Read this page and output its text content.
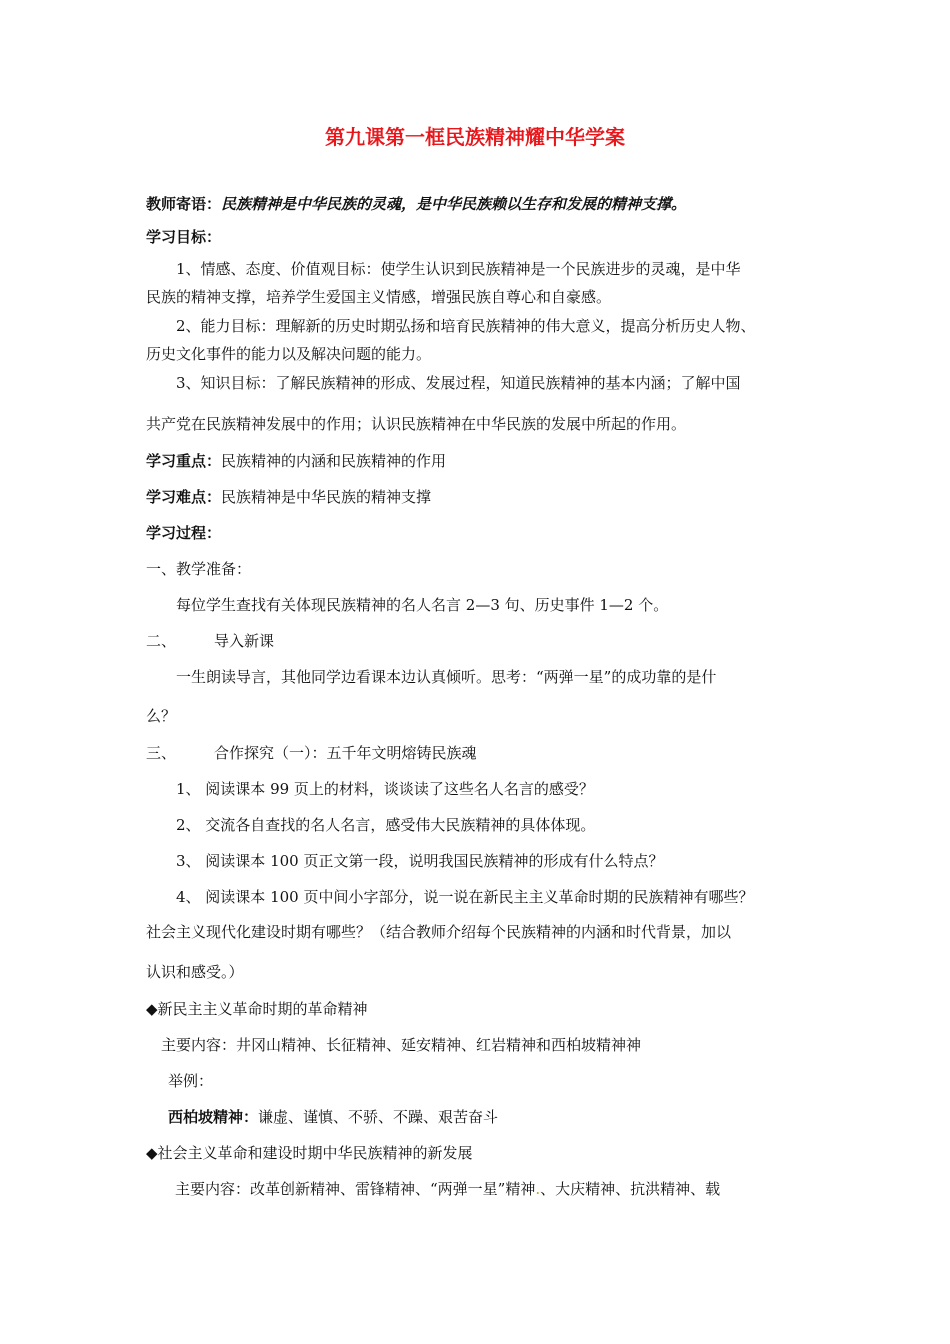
第九课第一框民族精神耀中华学案
教师寄语：民族精神是中华民族的灵魂，是中华民族赖以生存和发展的精神支撑。
学习目标：
1、情感、态度、价值观目标：使学生认识到民族精神是一个民族进步的灵魂，是中华
民族的精神支撑，培养学生爱国主义情感，增强民族自尊心和自豪感。
2、能力目标：理解新的历史时期弘扬和培育民族精神的伟大意义，提高分析历史人物、
历史文化事件的能力以及解决问题的能力。
3、知识目标：了解民族精神的形成、发展过程，知道民族精神的基本内涵；了解中国
共产党在民族精神发展中的作用；认识民族精神在中华民族的发展中所起的作用。
学习重点：民族精神的内涵和民族精神的作用
学习难点：民族精神是中华民族的精神支撑
学习过程：
一、教学准备：
每位学生查找有关体现民族精神的名人名言 2—3 句、历史事件 1—2 个。
二、	导入新课
一生朗读导言，其他同学边看课本边认真倾听。思考：“两弹一星”的成功靠的是什
么？
三、	合作探究（一）：五千年文明熔铸民族魂
1、 阅读课本 99 页上的材料，谈谈读了这些名人名言的感受？
2、 交流各自查找的名人名言，感受伟大民族精神的具体体现。
3、 阅读课本 100 页正文第一段，说明我国民族精神的形成有什么特点？
4、 阅读课本 100 页中间小字部分，说一说在新民主主义革命时期的民族精神有哪些？
社会主义现代化建设时期有哪些？（结合教师介绍每个民族精神的内涵和时代背景，加以
认识和感受。）
◆新民主主义革命时期的革命精神
主要内容：井冈山精神、长征精神、延安精神、红岩精神和西柏坡精神神
举例：
西柏坡精神：谦虚、谨慎、不骄、不躁、艰苦奋斗
◆社会主义革命和建设时期中华民族精神的新发展
主要内容：改革创新精神、雷锋精神、“两弹一星”精神.、大庆精神、抗洪精神、载
